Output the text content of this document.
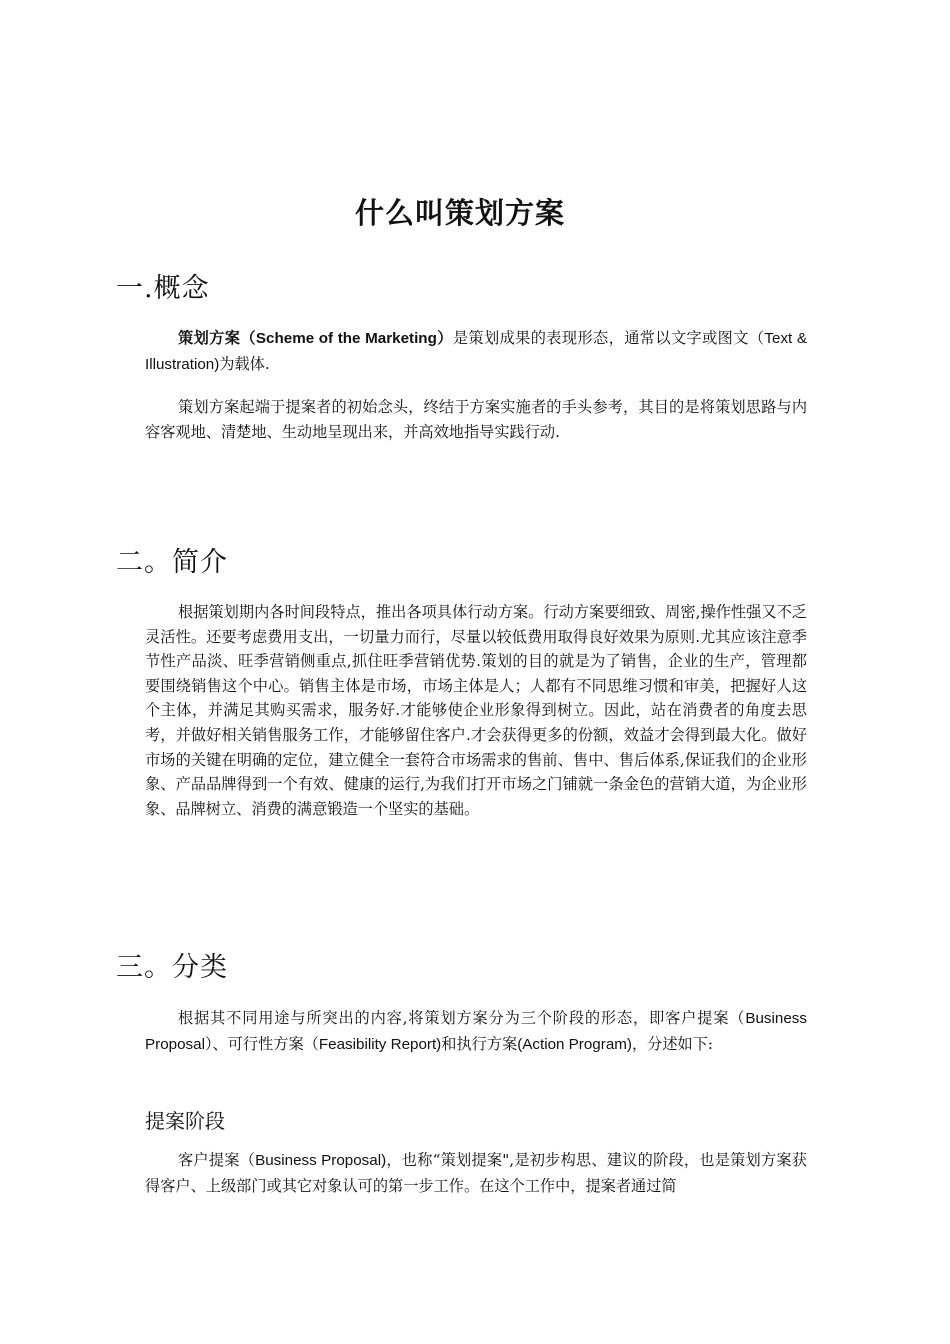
什么叫策划方案
一.概念

策划方案（Scheme of the Marketing）是策划成果的表现形态，通常以文字或图文（Text & Illustration)为载体.

策划方案起端于提案者的初始念头，终结于方案实施者的手头参考，其目的是将策划思路与内容客观地、清楚地、生动地呈现出来，并高效地指导实践行动.

二。简介

根据策划期内各时间段特点，推出各项具体行动方案。行动方案要细致、周密,操作性强又不乏灵活性。还要考虑费用支出，一切量力而行，尽量以较低费用取得良好效果为原则.尤其应该注意季节性产品淡、旺季营销侧重点,抓住旺季营销优势.策划的目的就是为了销售，企业的生产，管理都要围绕销售这个中心。销售主体是市场，市场主体是人；人都有不同思维习惯和审美，把握好人这个主体，并满足其购买需求，服务好.才能够使企业形象得到树立。因此，站在消费者的角度去思考，并做好相关销售服务工作，才能够留住客户.才会获得更多的份额，效益才会得到最大化。做好市场的关键在明确的定位，建立健全一套符合市场需求的售前、售中、售后体系,保证我们的企业形象、产品品牌得到一个有效、健康的运行,为我们打开市场之门铺就一条金色的营销大道，为企业形象、品牌树立、消费的满意锻造一个坚实的基础。

三。分类

根据其不同用途与所突出的内容,将策划方案分为三个阶段的形态，即客户提案（Business Proposal）、可行性方案（Feasibility Report)和执行方案(Action Program)，分述如下:

提案阶段

客户提案（Business Proposal)，也称“策划提案",是初步构思、建议的阶段，也是策划方案获得客户、上级部门或其它对象认可的第一步工作。在这个工作中，提案者通过简
